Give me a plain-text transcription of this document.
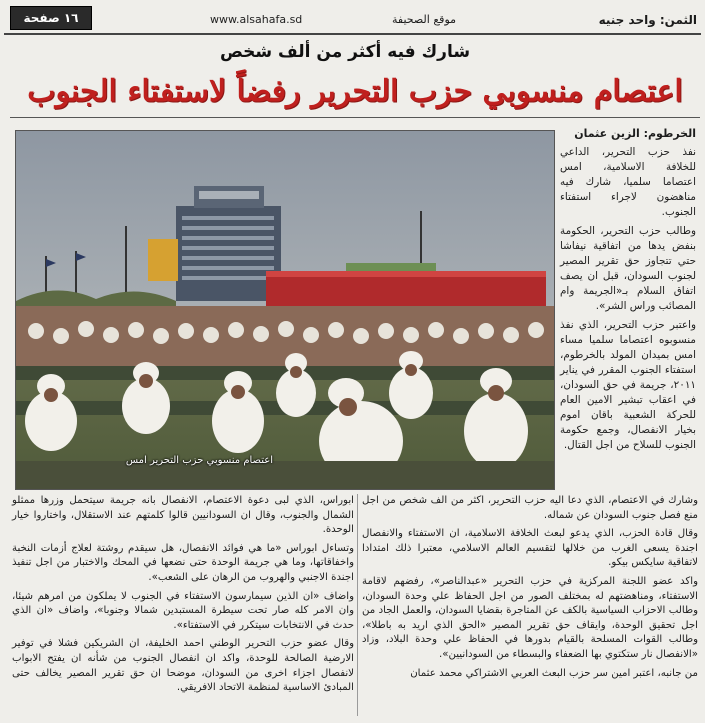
١٦ صفحة	www.alsahafa.sd	موقع الصحيفة	الثمن: واحد جنيه
شارك فيه أكثر من ألف شخص
اعتصام منسوبي حزب التحرير رفضاً لاستفتاء الجنوب
اعتصام منسوبي حزب التحرير امس
الخرطوم: الزين عثمان

نفذ حزب التحرير، الداعي للخلافة الاسلامية، امس اعتصاما سلميا، شارك فيه مناهضون لاجراء استفتاء الجنوب.

وطالب حزب التحرير، الحكومة بنفض يدها من اتفاقية نيفاشا حتي تتجاوز حق تقرير المصير لجنوب السودان، قبل ان يصف اتفاق السلام بـ«الجريمة وام المصائب وراس الشر».

واعتبر حزب التحرير، الذي نفذ منسوبوه اعتصاما سلميا مساء امس بميدان المولد بالخرطوم، استفتاء الجنوب المقرر في يناير ٢٠١١، جريمة في حق السودان، في اعقاب تبشير الامين العام للحركة الشعبية باقان اموم بخيار الانفصال، وجمع حكومة الجنوب للسلاح من اجل القتال.

وشارك في الاعتصام، الذي دعا اليه حزب التحرير، اكثر من الف شخص من اجل منع فصل جنوب السودان عن شماله.

وقال قادة الحزب، الذي يدعو لبعث الخلافة الاسلامية، ان الاستفتاء والانفصال اجندة يسعى الغرب من خلالها لتقسيم العالم الاسلامي، معتبرا ذلك امتدادا لاتفاقية سايكس بيكو.

واكد عضو اللجنة المركزية في حزب التحرير «عبدالناصر»، رفضهم لاقامة الاستفتاء، ومناهضتهم له بمختلف الصور من اجل الحفاظ علي وحدة السودان، وطالب الاحزاب السياسية بالكف عن المتاجرة بقضايا السودان، والعمل الجاد من اجل تحقيق الوحدة، وايقاف حق تقرير المصير «الحق الذي اريد به باطلا»، وطالب القوات المسلحة بالقيام بدورها في الحفاظ علي وحدة البلاد، وزاد «الانفصال نار ستكتوي بها الضعفاء والبسطاء من السودانيين».

من جانبه، اعتبر امين سر حزب البعث العربي الاشتراكي محمد عثمان

ابوراس، الذي لبى دعوة الاعتصام، الانفصال بانه جريمة سيتحمل وزرها ممثلو الشمال والجنوب، وقال ان السودانيين قالوا كلمتهم عند الاستقلال، واختاروا خيار الوحدة.

وتساءل ابوراس «ما هي فوائد الانفصال، هل سيقدم روشتة لعلاج أزمات النخبة واخفاقاتها، وما هي جريمة الوحدة حتى نضعها في المحك والاختبار من اجل تنفيذ اجندة الاجنبي والهروب من الرهان على الشعب».

واضاف «ان الذين سيمارسون الاستفتاء في الجنوب لا يملكون من امرهم شيئا، وان الامر كله صار تحت سيطرة المستبدين شمالا وجنوبا»، واضاف «ان الذي حدث في الانتخابات سيتكرر في الاستفتاء».

وقال عضو حزب التحرير الوطني احمد الخليفة، ان الشريكين فشلا في توفير الارضية الصالحة للوحدة، واكد ان انفصال الجنوب من شأنه ان يفتح الابواب لانفصال اجزاء اخرى من السودان، موضحا ان حق تقرير المصير يخالف حتى المبادئ الاساسية لمنظمة الاتحاد الافريقي.
